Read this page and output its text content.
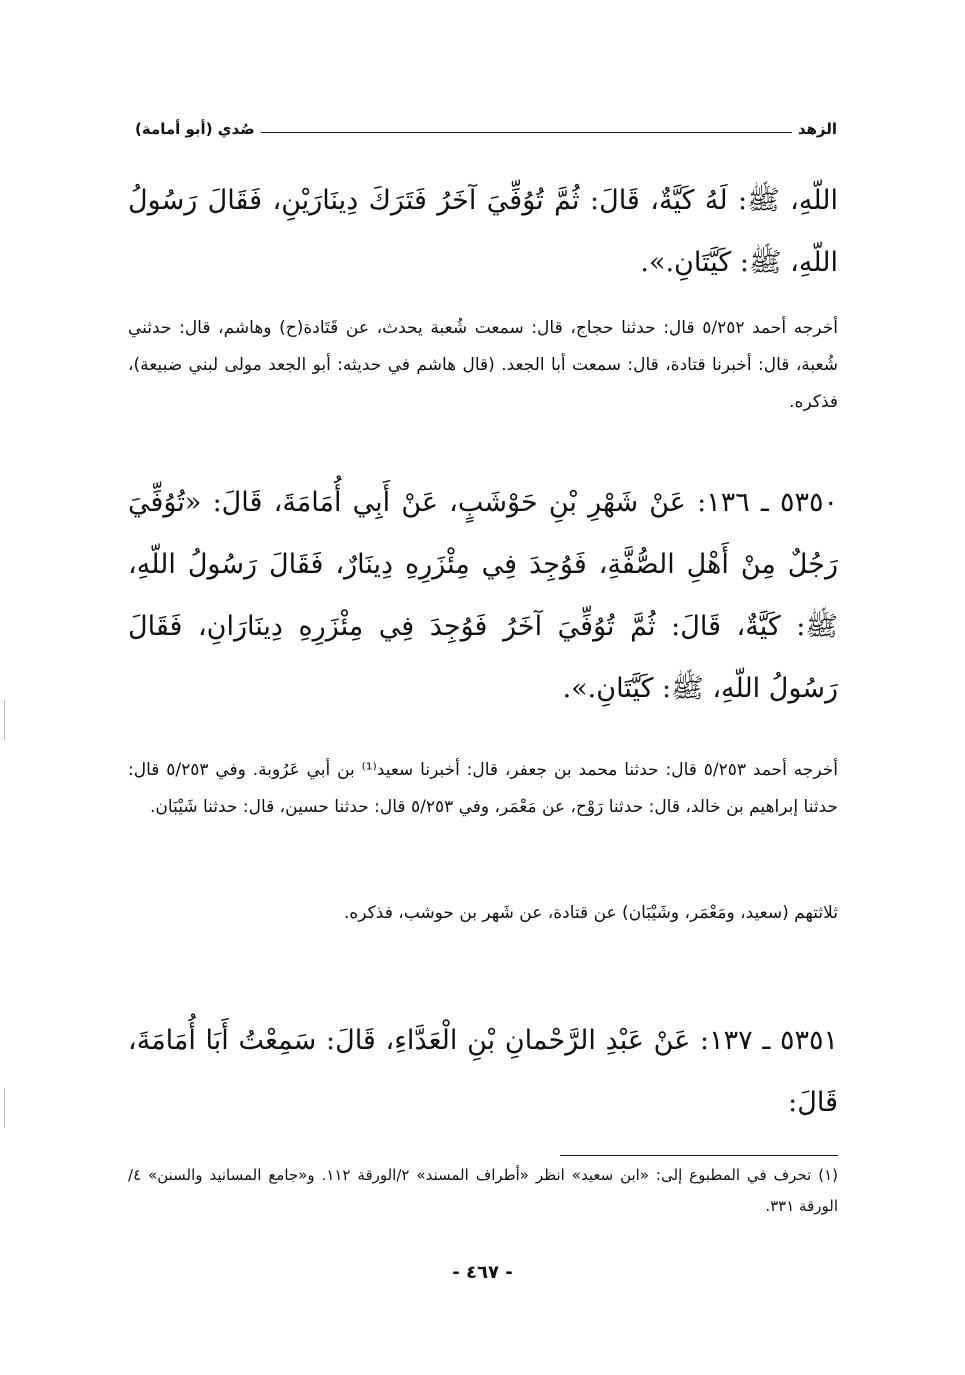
الزهد
صُدي (أبو أمامة)
اللّهِ، ﷺ: لَهُ كَيَّةٌ، قَالَ: ثُمَّ تُوُفِّيَ آخَرُ فَتَرَكَ دِينَارَيْنِ، فَقَالَ رَسُولُ اللّهِ، ﷺ: كَيَّتَانِ.».
أخرجه أحمد ٥/٢٥٢ قال: حدثنا حجاج، قال: سمعت شُعبة يحدث، عن قَتَادة(ح) وهاشم، قال: حدثني شُعبة، قال: أخبرنا قتادة، قال: سمعت أبا الجعد. (قال هاشم في حديثه: أبو الجعد مولى لبني ضبيعة)، فذكره.
٥٣٥٠ ـ ١٣٦: عَنْ شَهْرِ بْنِ حَوْشَبٍ، عَنْ أَبِي أُمَامَةَ، قَالَ: «تُوُفِّيَ رَجُلٌ مِنْ أَهْلِ الصُّفَّةِ، فَوُجِدَ فِي مِئْزَرِهِ دِينَارٌ، فَقَالَ رَسُولُ اللّهِ، ﷺ: كَيَّةٌ، قَالَ: ثُمَّ تُوُفِّيَ آخَرُ فَوُجِدَ فِي مِئْزَرِهِ دِينَارَانِ، فَقَالَ رَسُولُ اللّهِ، ﷺ: كَيَّتَانِ.».
أخرجه أحمد ٥/٢٥٣ قال: حدثنا محمد بن جعفر، قال: أخبرنا سعيد⁽¹⁾ بن أبي عَرُوبة. وفي ٥/٢٥٣ قال: حدثنا إبراهيم بن خالد، قال: حدثنا رَوْح، عن مَعْمَر، وفي ٥/٢٥٣ قال: حدثنا حسين، قال: حدثنا شَيْبَان.
ثلاثتهم (سعيد، ومَعْمَر، وشَيْبَان) عن قتادة، عن شَهر بن حوشب، فذكره.
٥٣٥١ ـ ١٣٧: عَنْ عَبْدِ الرَّحْمانِ بْنِ الْعَدَّاءِ، قَالَ: سَمِعْتُ أَبَا أُمَامَةَ، قَالَ:
(١) تحرف في المطبوع إلى: «ابن سعيد» انظر «أطراف المسند» ٢/الورقة ١١٢. و«جامع المسانيد والسنن» ٤/الورقة ٣٣١.
- ٤٦٧ -
